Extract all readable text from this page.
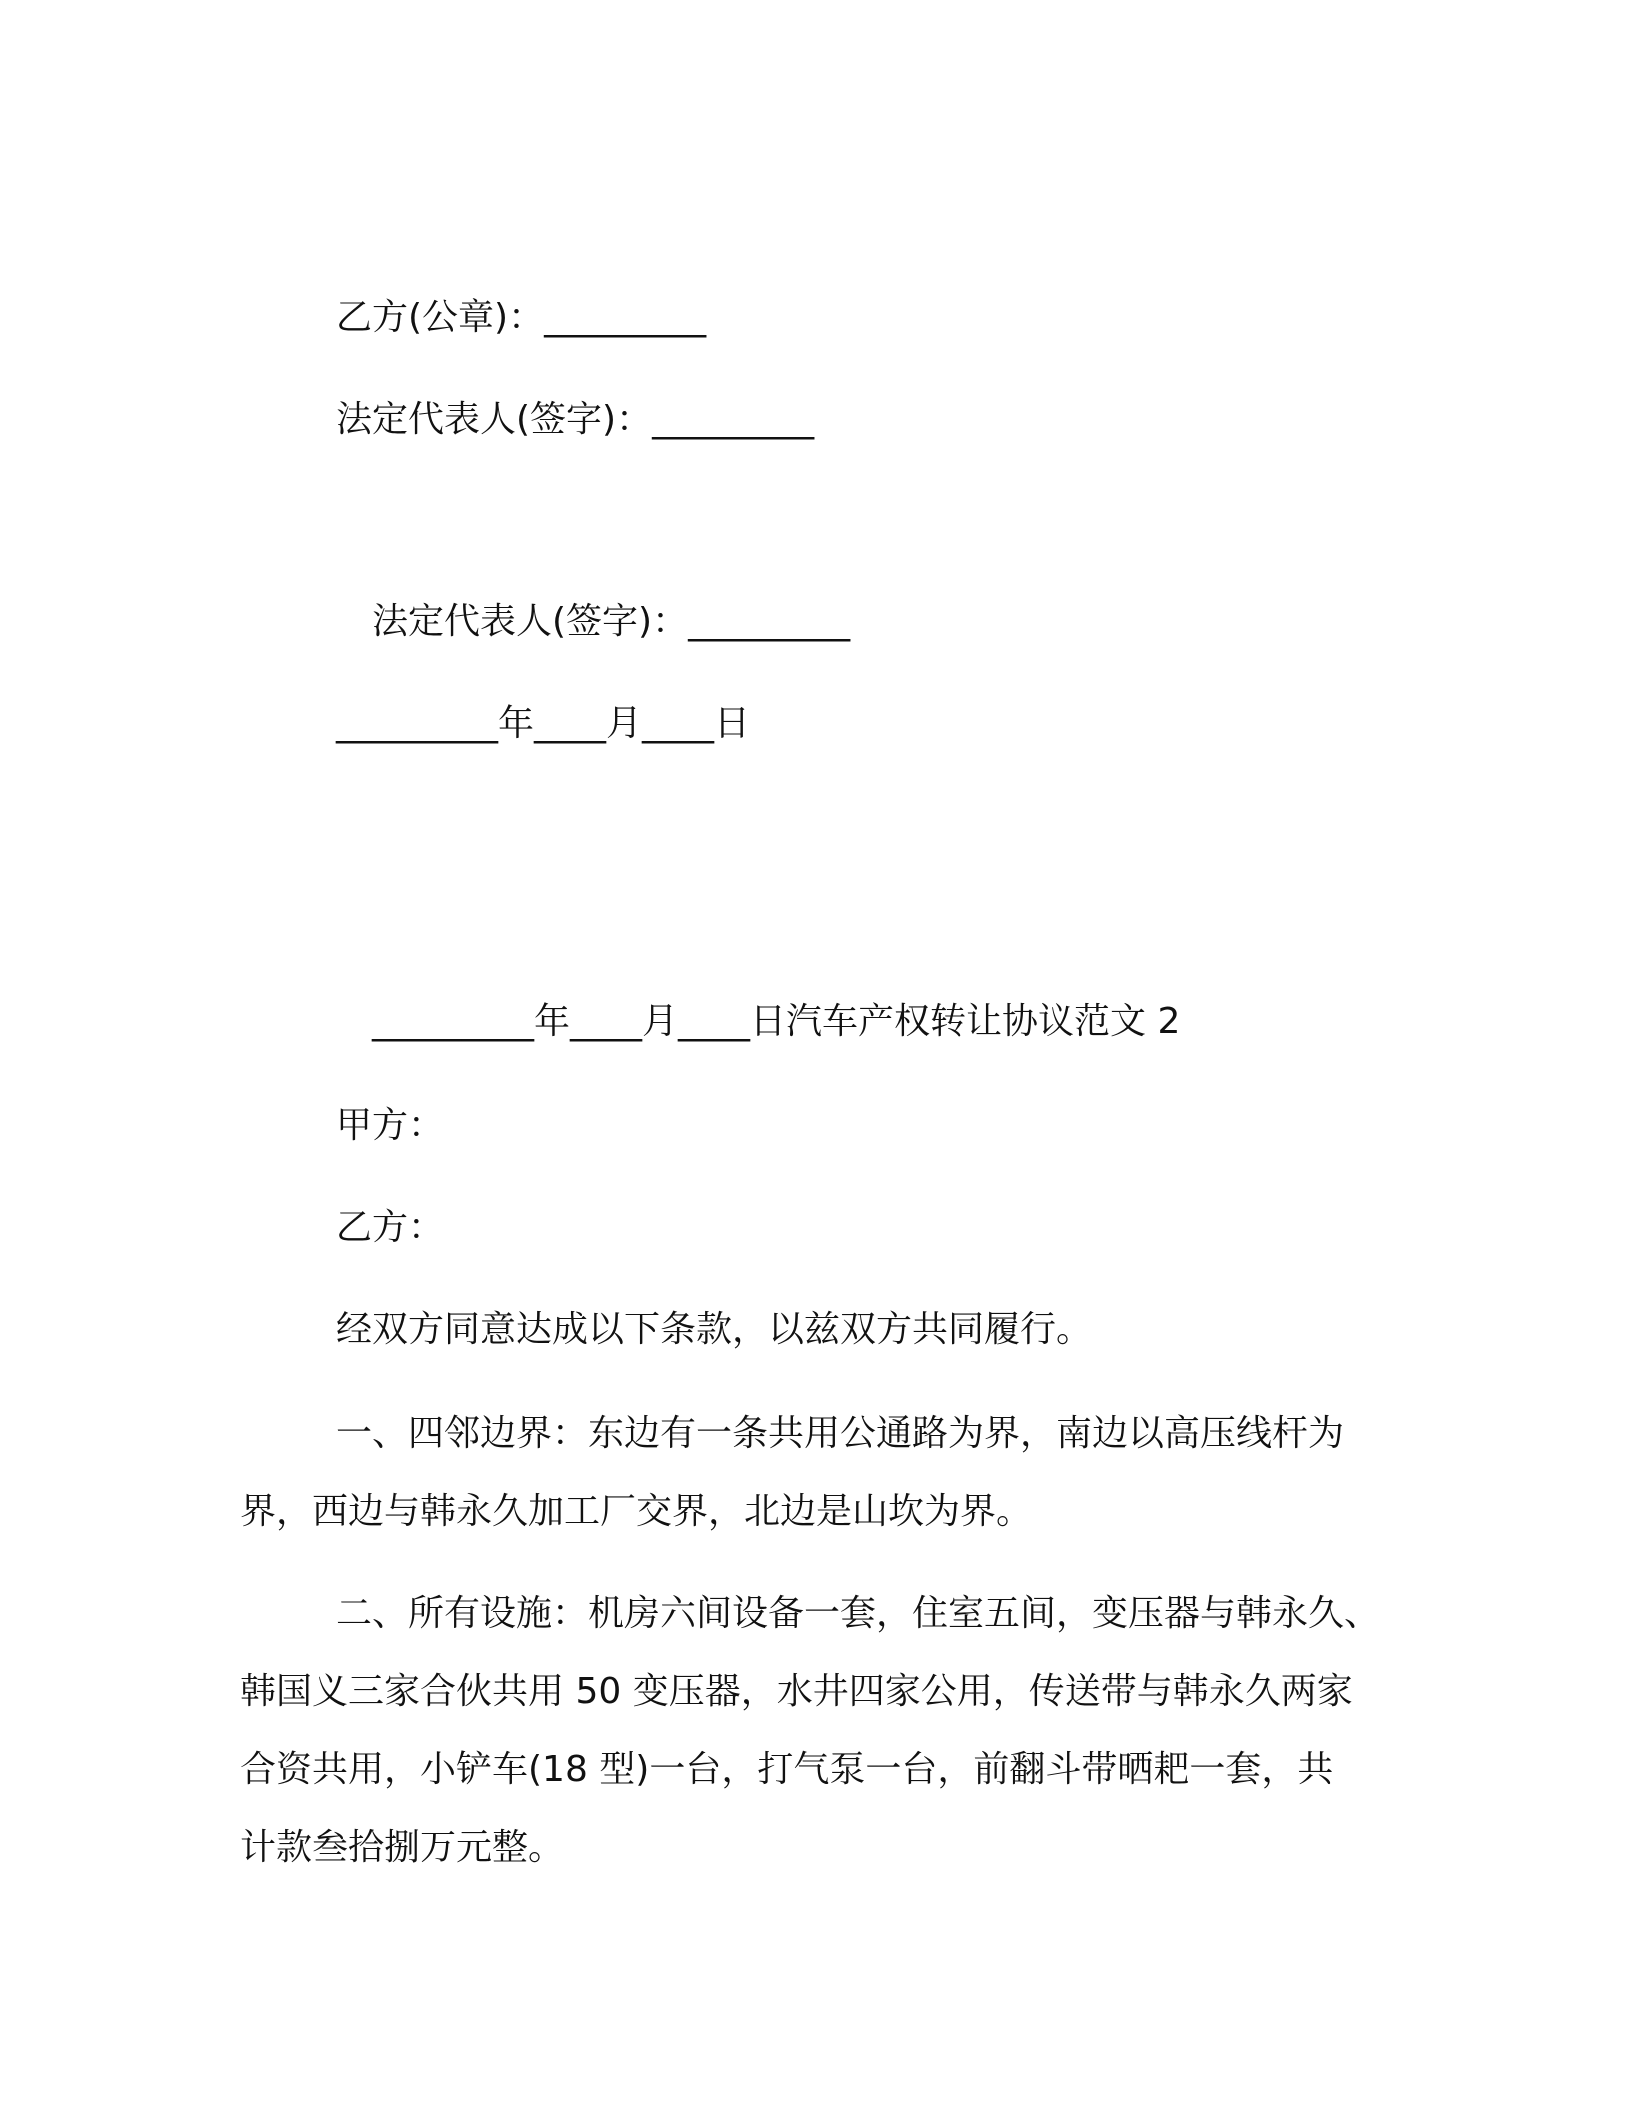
乙方(公章)：_________
法定代表人(签字)：_________
法定代表人(签字)：_________
_________年____月____日
_________年____月____日汽车产权转让协议范文 2
甲方：
乙方：
经双方同意达成以下条款，以兹双方共同履行。
一、四邻边界：东边有一条共用公通路为界，南边以高压线杆为
界，西边与韩永久加工厂交界，北边是山坎为界。
二、所有设施：机房六间设备一套，住室五间，变压器与韩永久、
韩国义三家合伙共用 50 变压器，水井四家公用，传送带与韩永久两家
合资共用，小铲车(18 型)一台，打气泵一台，前翻斗带晒耙一套，共
计款叁拾捌万元整。
